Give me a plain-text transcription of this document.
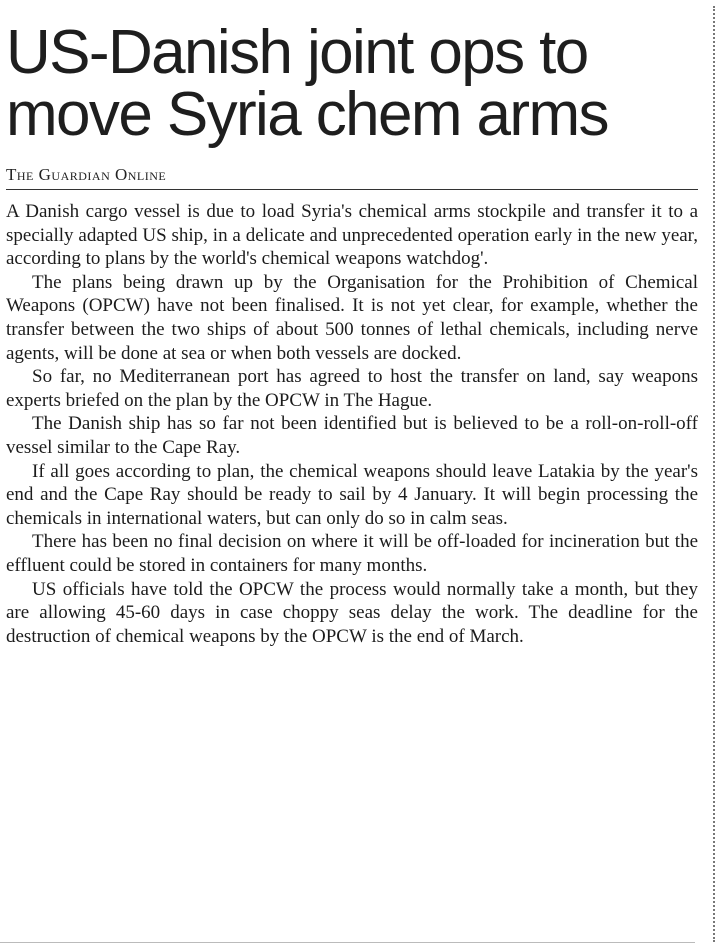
US-Danish joint ops to move Syria chem arms
The Guardian Online

A Danish cargo vessel is due to load Syria's chemical arms stockpile and transfer it to a specially adapted US ship, in a delicate and unprecedented operation early in the new year, according to plans by the world's chemical weapons watchdog'.

The plans being drawn up by the Organisation for the Prohibition of Chemical Weapons (OPCW) have not been finalised. It is not yet clear, for example, whether the transfer between the two ships of about 500 tonnes of lethal chemicals, including nerve agents, will be done at sea or when both vessels are docked.

So far, no Mediterranean port has agreed to host the transfer on land, say weapons experts briefed on the plan by the OPCW in The Hague.

The Danish ship has so far not been identified but is believed to be a roll-on-roll-off vessel similar to the Cape Ray.

If all goes according to plan, the chemical weapons should leave Latakia by the year's end and the Cape Ray should be ready to sail by 4 January. It will begin processing the chemicals in international waters, but can only do so in calm seas.

There has been no final decision on where it will be off-loaded for incineration but the effluent could be stored in containers for many months.

US officials have told the OPCW the process would normally take a month, but they are allowing 45-60 days in case choppy seas delay the work. The deadline for the destruction of chemical weapons by the OPCW is the end of March.
